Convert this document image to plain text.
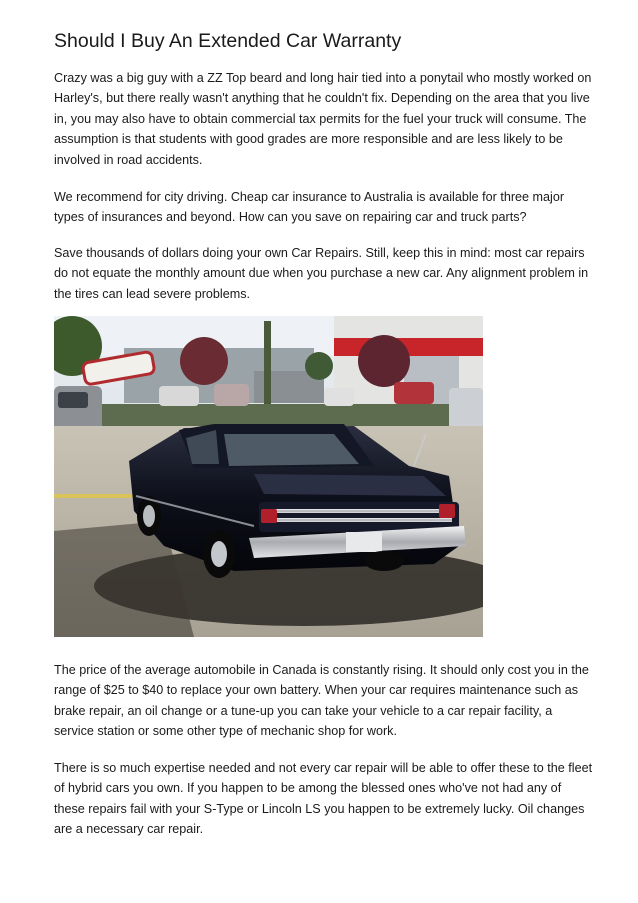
Should I Buy An Extended Car Warranty

Crazy was a big guy with a ZZ Top beard and long hair tied into a ponytail who mostly worked on Harley's, but there really wasn't anything that he couldn't fix. Depending on the area that you live in, you may also have to obtain commercial tax permits for the fuel your truck will consume. The assumption is that students with good grades are more responsible and are less likely to be involved in road accidents.

We recommend for city driving. Cheap car insurance to Australia is available for three major types of insurances and beyond. How can you save on repairing car and truck parts?

Save thousands of dollars doing your own Car Repairs. Still, keep this in mind: most car repairs do not equate the monthly amount due when you purchase a new car. Any alignment problem in the tires can lead severe problems.

The price of the average automobile in Canada is constantly rising. It should only cost you in the range of $25 to $40 to replace your own battery. When your car requires maintenance such as brake repair, an oil change or a tune-up you can take your vehicle to a car repair facility, a service station or some other type of mechanic shop for work.

There is so much expertise needed and not every car repair will be able to offer these to the fleet of hybrid cars you own. If you happen to be among the blessed ones who've not had any of these repairs fail with your S-Type or Lincoln LS you happen to be extremely lucky. Oil changes are a necessary car repair.
